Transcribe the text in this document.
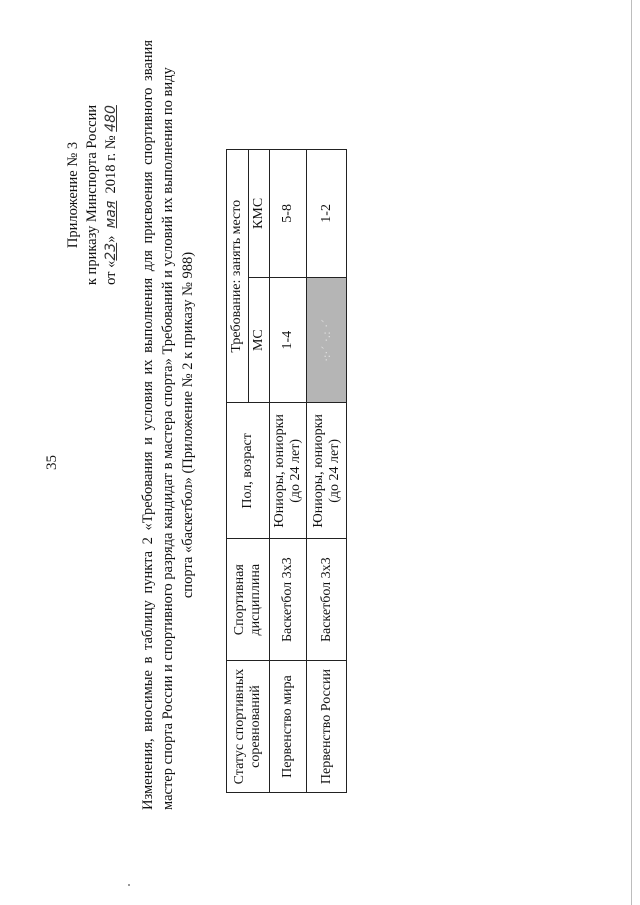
35
Приложение № 3 к приказу Минспорта России от «23»  мая  2018 г. № 480 Изменения, вносимые в таблицу пункта 2 «Требования и условия их выполнения для присвоения спортивного звания мастер спорта России и спортивного разряда кандидат в мастера спорта» Требований и условий их выполнения по виду спорта «баскетбол» (Приложение № 2 к приказу № 988)
Статус спортивных соревнований	Спортивная дисциплина	Пол, возраст	Требование: занять место	
			МС	КМС
Первенство мира	Баскетбол 3x3	Юниоры, юниорки (до 24 лет)	1-4	5-8
Первенство России	Баскетбол 3x3	Юниоры, юниорки (до 24 лет)	·:·´ ·.: ·´	1-2
